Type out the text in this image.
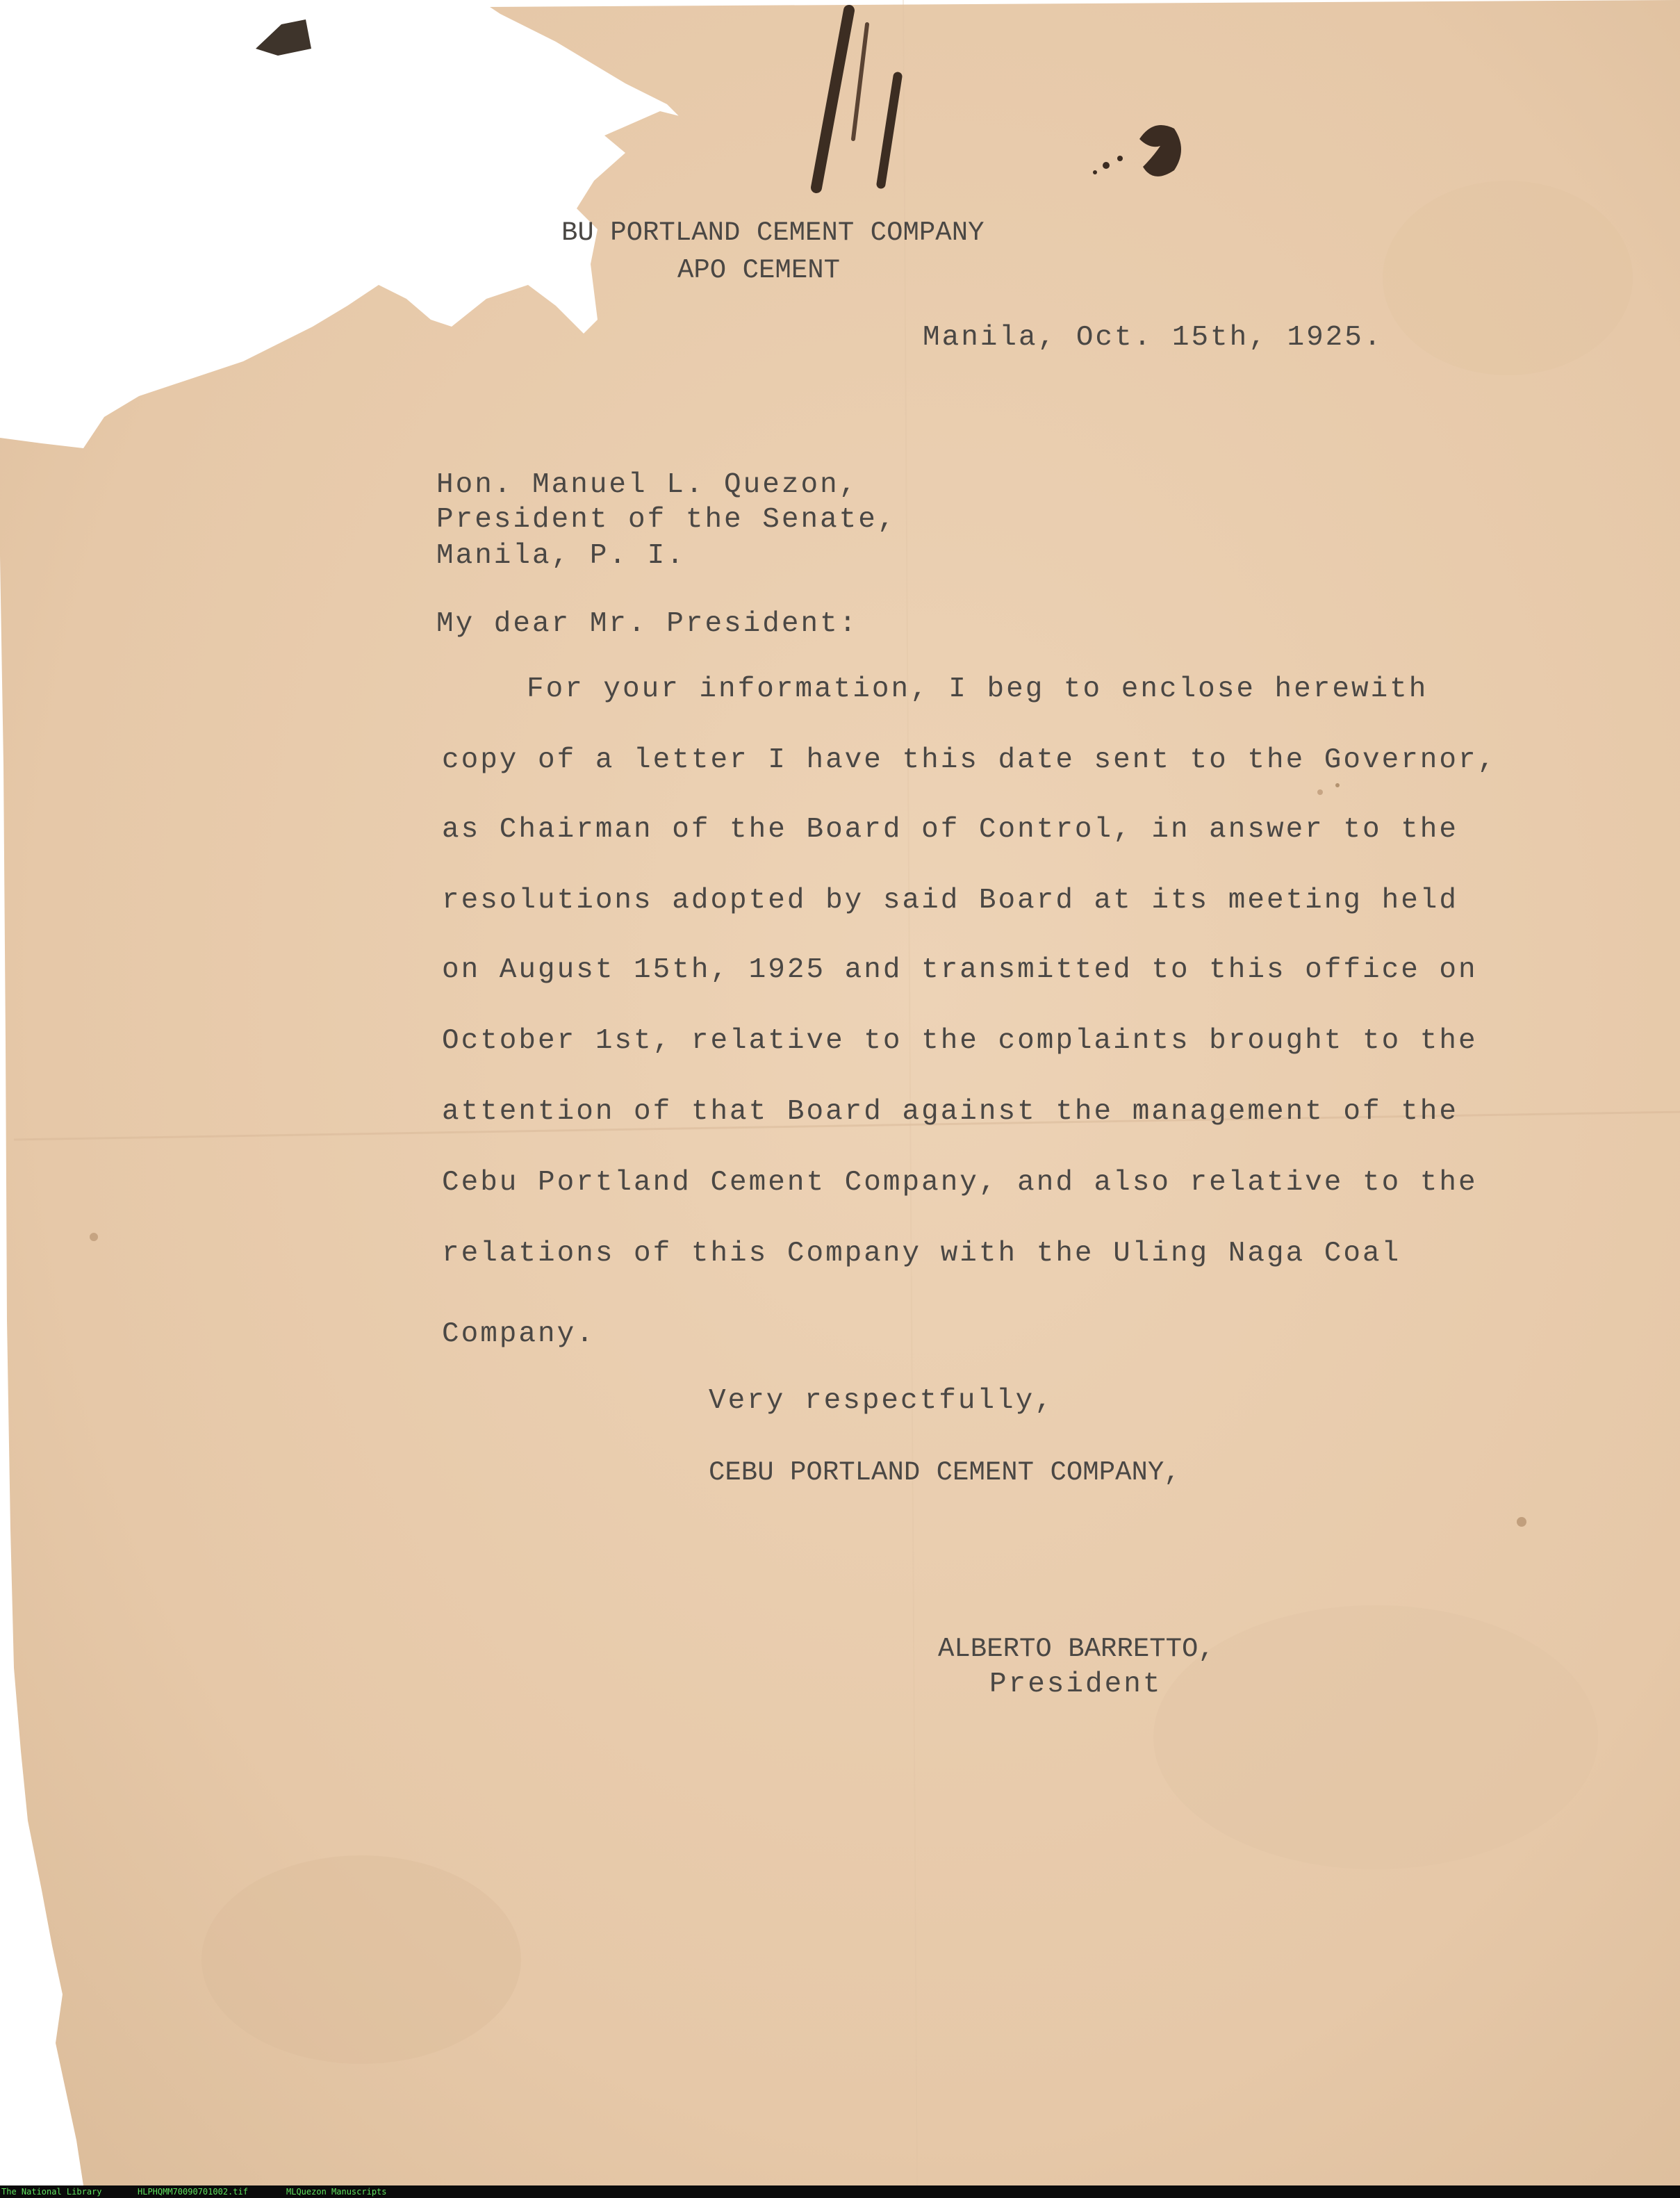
BU PORTLAND CEMENT COMPANY

APO CEMENT

Manila, Oct. 15th, 1925.

Hon. Manuel L. Quezon,

President of the Senate,

Manila, P. I.

My dear Mr. President:

For your information, I beg to enclose herewith

copy of a letter I have this date sent to the Governor,

as Chairman of the Board of Control, in answer to the

resolutions adopted by said Board at its meeting held

on August 15th, 1925 and transmitted to this office on

October 1st, relative to the complaints brought to the

attention of that Board against the management of the

Cebu Portland Cement Company, and also relative to the

relations of this Company with the Uling Naga Coal

Company.

Very respectfully,

CEBU PORTLAND CEMENT COMPANY,

ALBERTO BARRETTO,

President

The National Library	HLPHQMM70090701002.tif	MLQuezon Manuscripts
